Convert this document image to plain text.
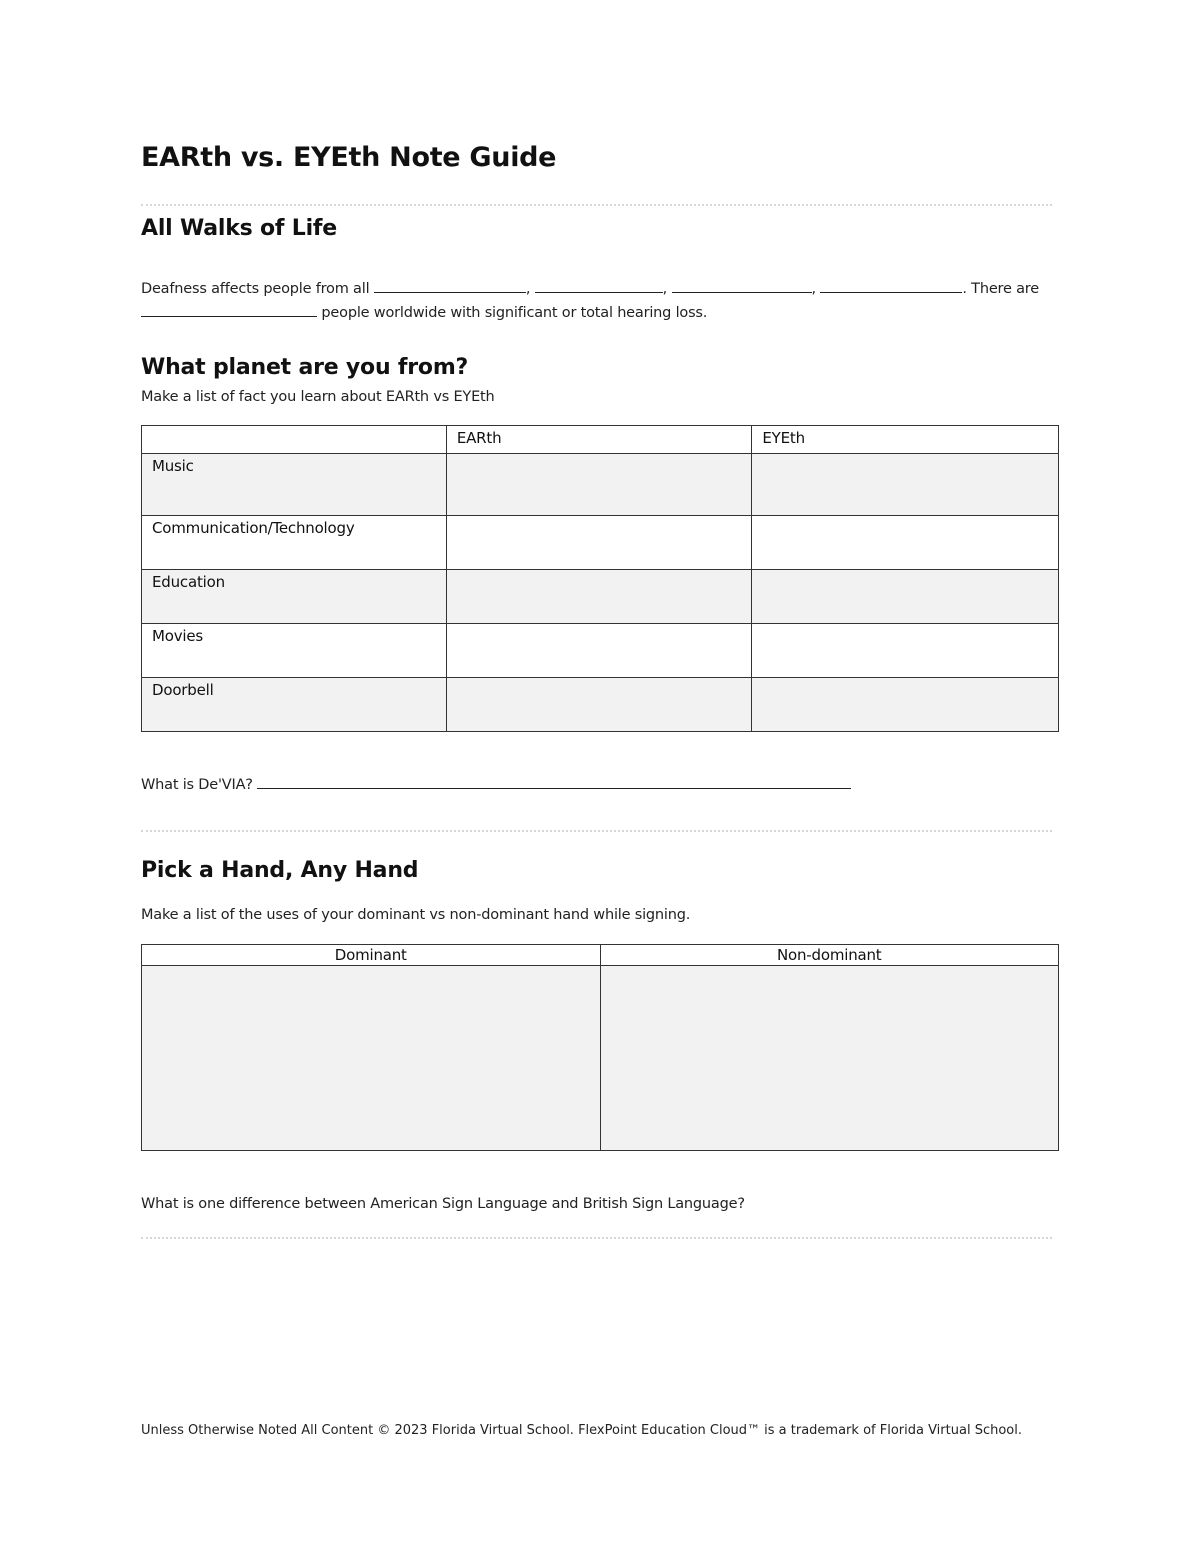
EARth vs. EYEth Note Guide
All Walks of Life
Deafness affects people from all	,	,	,	. There are
people worldwide with significant or total hearing loss.
What planet are you from?
Make a list of fact you learn about EARth vs EYEth
	EARth	EYEth
Music		
Communication/Technology		
Education		
Movies		
Doorbell		
What is De'VIA?
Pick a Hand, Any Hand
Make a list of the uses of your dominant vs non-dominant hand while signing.
Dominant	Non-dominant

What is one difference between American Sign Language and British Sign Language?
Unless Otherwise Noted All Content © 2023 Florida Virtual School. FlexPoint Education Cloud™ is a trademark of Florida Virtual School.
